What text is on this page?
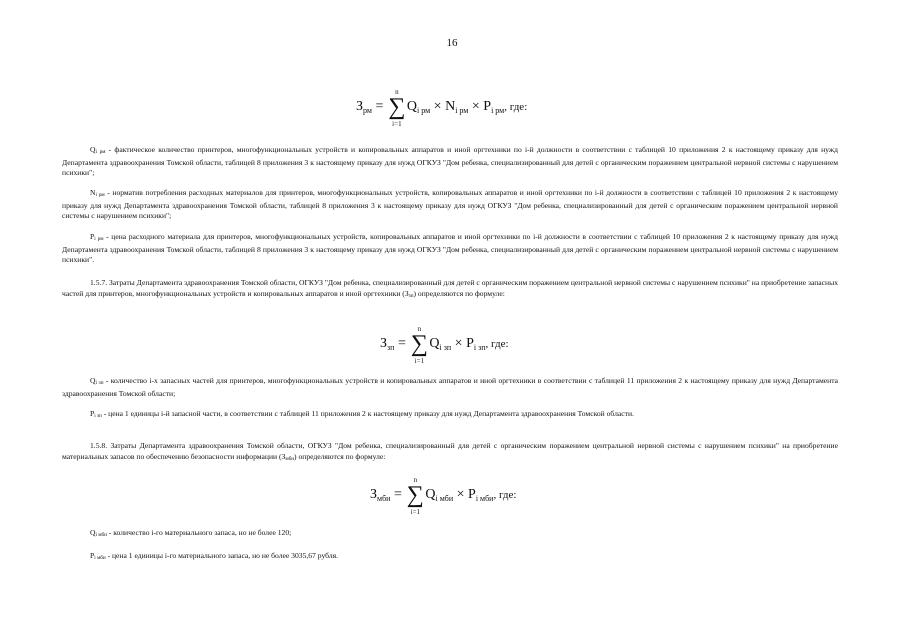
16
$З_{рм}$ =
n
∑
i=1
$Q_{i рм} \times N_{i рм} \times P_{i рм}$, где:
Qi рм - фактическое количество принтеров, многофункциональных устройств и копировальных аппаратов и иной оргтехники по i-й должности в соответствии с таблицей 10 приложения 2 к настоящему приказу для нужд Департамента здравоохранения Томской области, таблицей 8 приложения 3 к настоящему приказу для нужд ОГКУЗ "Дом ребенка, специализированный для детей с органическим поражением центральной нервной системы с нарушением психики";
Ni рм - норматив потребления расходных материалов для принтеров, многофункциональных устройств, копировальных аппаратов и иной оргтехники по i-й должности в соответствии с таблицей 10 приложения 2 к настоящему приказу для нужд Департамента здравоохранения Томской области, таблицей 8 приложения 3 к настоящему приказу для нужд ОГКУЗ "Дом ребенка, специализированный для детей с органическим поражением центральной нервной системы с нарушением психики";
Pi рм - цена расходного материала для принтеров, многофункциональных устройств, копировальных аппаратов и иной оргтехники по i-й должности в соответствии с таблицей 10 приложения 2 к настоящему приказу для нужд Департамента здравоохранения Томской области, таблицей 8 приложения 3 к настоящему приказу для нужд ОГКУЗ "Дом ребенка, специализированный для детей с органическим поражением центральной нервной системы с нарушением психики".
1.5.7. Затраты Департамента здравоохранения Томской области, ОГКУЗ "Дом ребенка, специализированный для детей с органическим поражением центральной нервной системы с нарушением психики" на приобретение запасных частей для принтеров, многофункциональных устройств и копировальных аппаратов и иной оргтехники (Ззп) определяются по формуле:
$З_{зп}$ =
n
∑
i=1
$Q_{i зп} \times P_{i зп}$, где:
Qi зп - количество i-х запасных частей для принтеров, многофункциональных устройств и копировальных аппаратов и иной оргтехники в соответствии с таблицей 11 приложения 2 к настоящему приказу для нужд Департамента здравоохранения Томской области;
Pi зп - цена 1 единицы i-й запасной части, в соответствии с таблицей 11 приложения 2 к настоящему приказу для нужд Департамента здравоохранения Томской области.
1.5.8. Затраты Департамента здравоохранения Томской области, ОГКУЗ "Дом ребенка, специализированный для детей с органическим поражением центральной нервной системы с нарушением психики" на приобретение материальных запасов по обеспечению безопасности информации (Змби) определяются по формуле:
$З_{мби}$ =
n
∑
i=1
$Q_{i мби} \times P_{i мби}$, где:
Qi мби - количество i-го материального запаса, но не более 120;
Pi мби - цена 1 единицы i-го материального запаса, но не более 3035,67 рубля.
